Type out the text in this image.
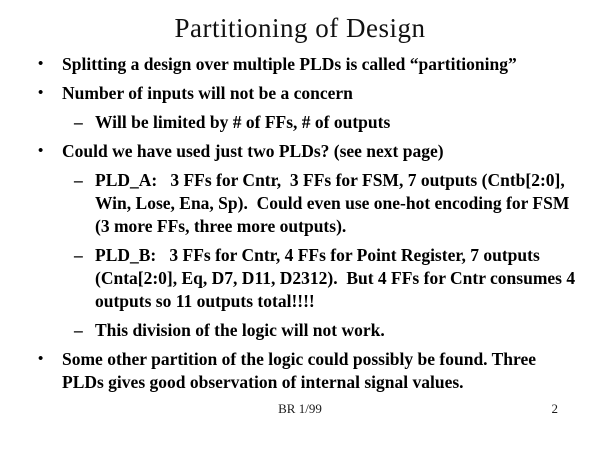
Partitioning of Design
•	Splitting a design over multiple PLDs is called “partitioning”
•	Number of inputs will not be a concern
– Will be limited by # of FFs, # of outputs
•	Could we have used just two PLDs? (see next page)
– PLD_A:   3 FFs for Cntr,  3 FFs for FSM, 7 outputs (Cntb[2:0], Win, Lose, Ena, Sp).  Could even use one-hot encoding for FSM (3 more FFs, three more outputs).
– PLD_B:   3 FFs for Cntr, 4 FFs for Point Register, 7 outputs (Cnta[2:0], Eq, D7, D11, D2312).  But 4 FFs for Cntr consumes 4 outputs so 11 outputs total!!!!
– This division of the logic will not work.
•	Some other partition of the logic could possibly be found. Three PLDs gives good observation of internal signal values.
BR 1/99	2
